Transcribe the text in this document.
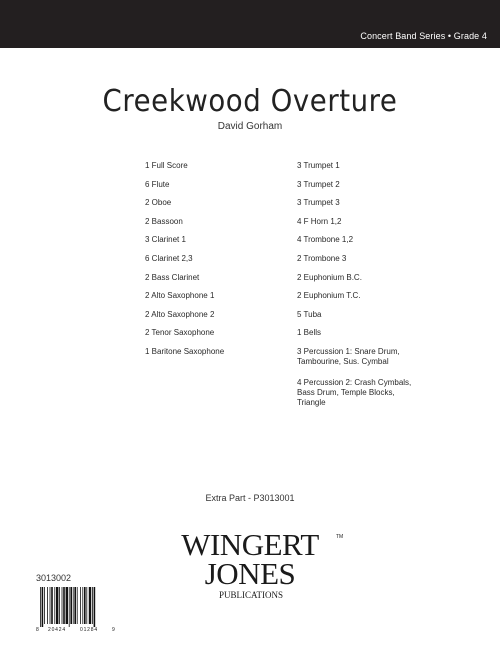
Concert Band Series • Grade 4
Creekwood Overture
David Gorham
1 Full Score
6 Flute
2 Oboe
2 Bassoon
3 Clarinet 1
6 Clarinet 2,3
2 Bass Clarinet
2 Alto Saxophone 1
2 Alto Saxophone 2
2 Tenor Saxophone
1 Baritone Saxophone
3 Trumpet 1
3 Trumpet 2
3 Trumpet 3
4 F Horn 1,2
4 Trombone 1,2
2 Trombone 3
2 Euphonium B.C.
2 Euphonium T.C.
5 Tuba
1 Bells
3 Percussion 1: Snare Drum,
Tambourine, Sus. Cymbal
4 Percussion 2: Crash Cymbals,
Bass Drum, Temple Blocks,
Triangle
Extra Part - P3013001
WINGERT	TM
JONES
PUBLICATIONS
3013002
8 20424	01284	9
